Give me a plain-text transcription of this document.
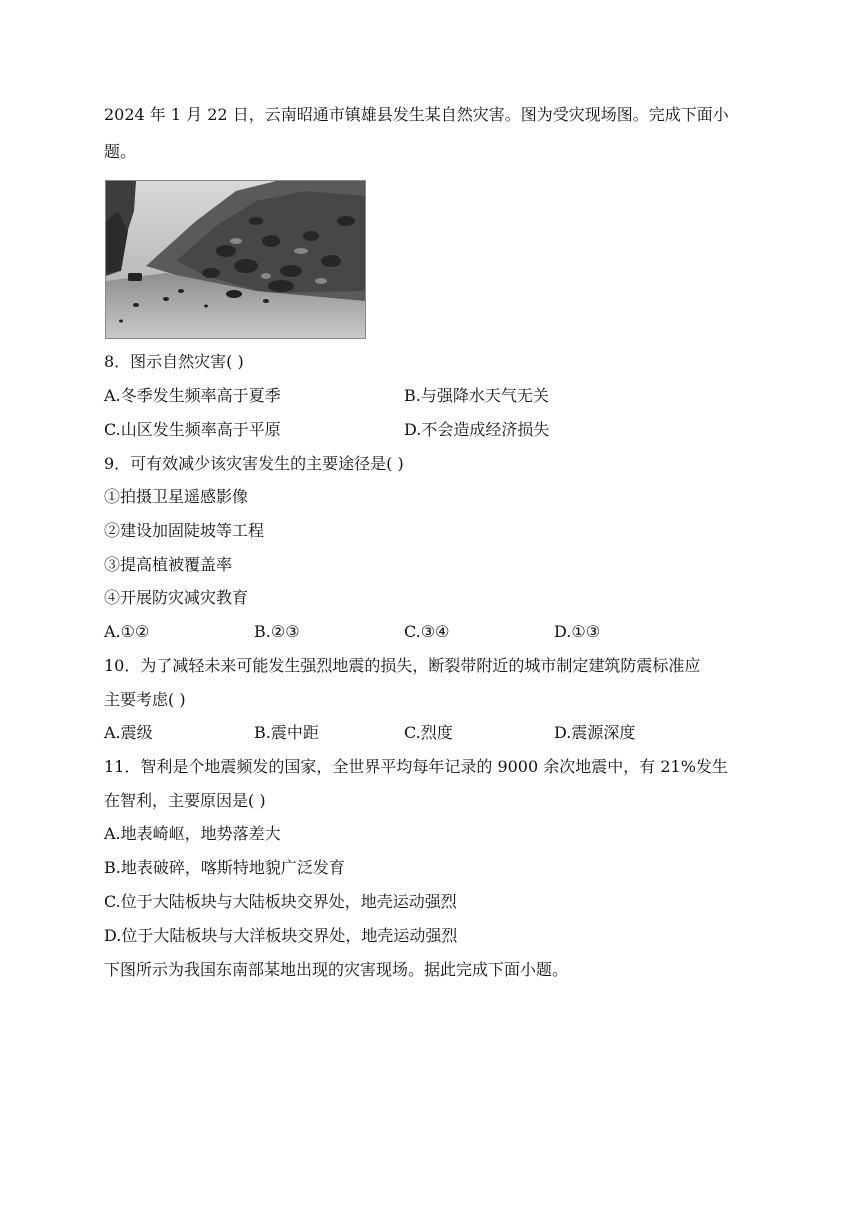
2024 年 1 月 22 日，云南昭通市镇雄县发生某自然灾害。图为受灾现场图。完成下面小
题。
8．图示自然灾害( )
A.冬季发生频率高于夏季	B.与强降水天气无关
C.山区发生频率高于平原	D.不会造成经济损失
9．可有效减少该灾害发生的主要途径是( )
①拍摄卫星遥感影像
②建设加固陡坡等工程
③提高植被覆盖率
④开展防灾减灾教育
A.①②	B.②③	C.③④	D.①③
10．为了减轻未来可能发生强烈地震的损失，断裂带附近的城市制定建筑防震标准应
主要考虑( )
A.震级	B.震中距	C.烈度	D.震源深度
11．智利是个地震频发的国家，全世界平均每年记录的 9000 余次地震中，有 21%发生
在智利，主要原因是( )
A.地表崎岖，地势落差大
B.地表破碎，喀斯特地貌广泛发育
C.位于大陆板块与大陆板块交界处，地壳运动强烈
D.位于大陆板块与大洋板块交界处，地壳运动强烈
下图所示为我国东南部某地出现的灾害现场。据此完成下面小题。
